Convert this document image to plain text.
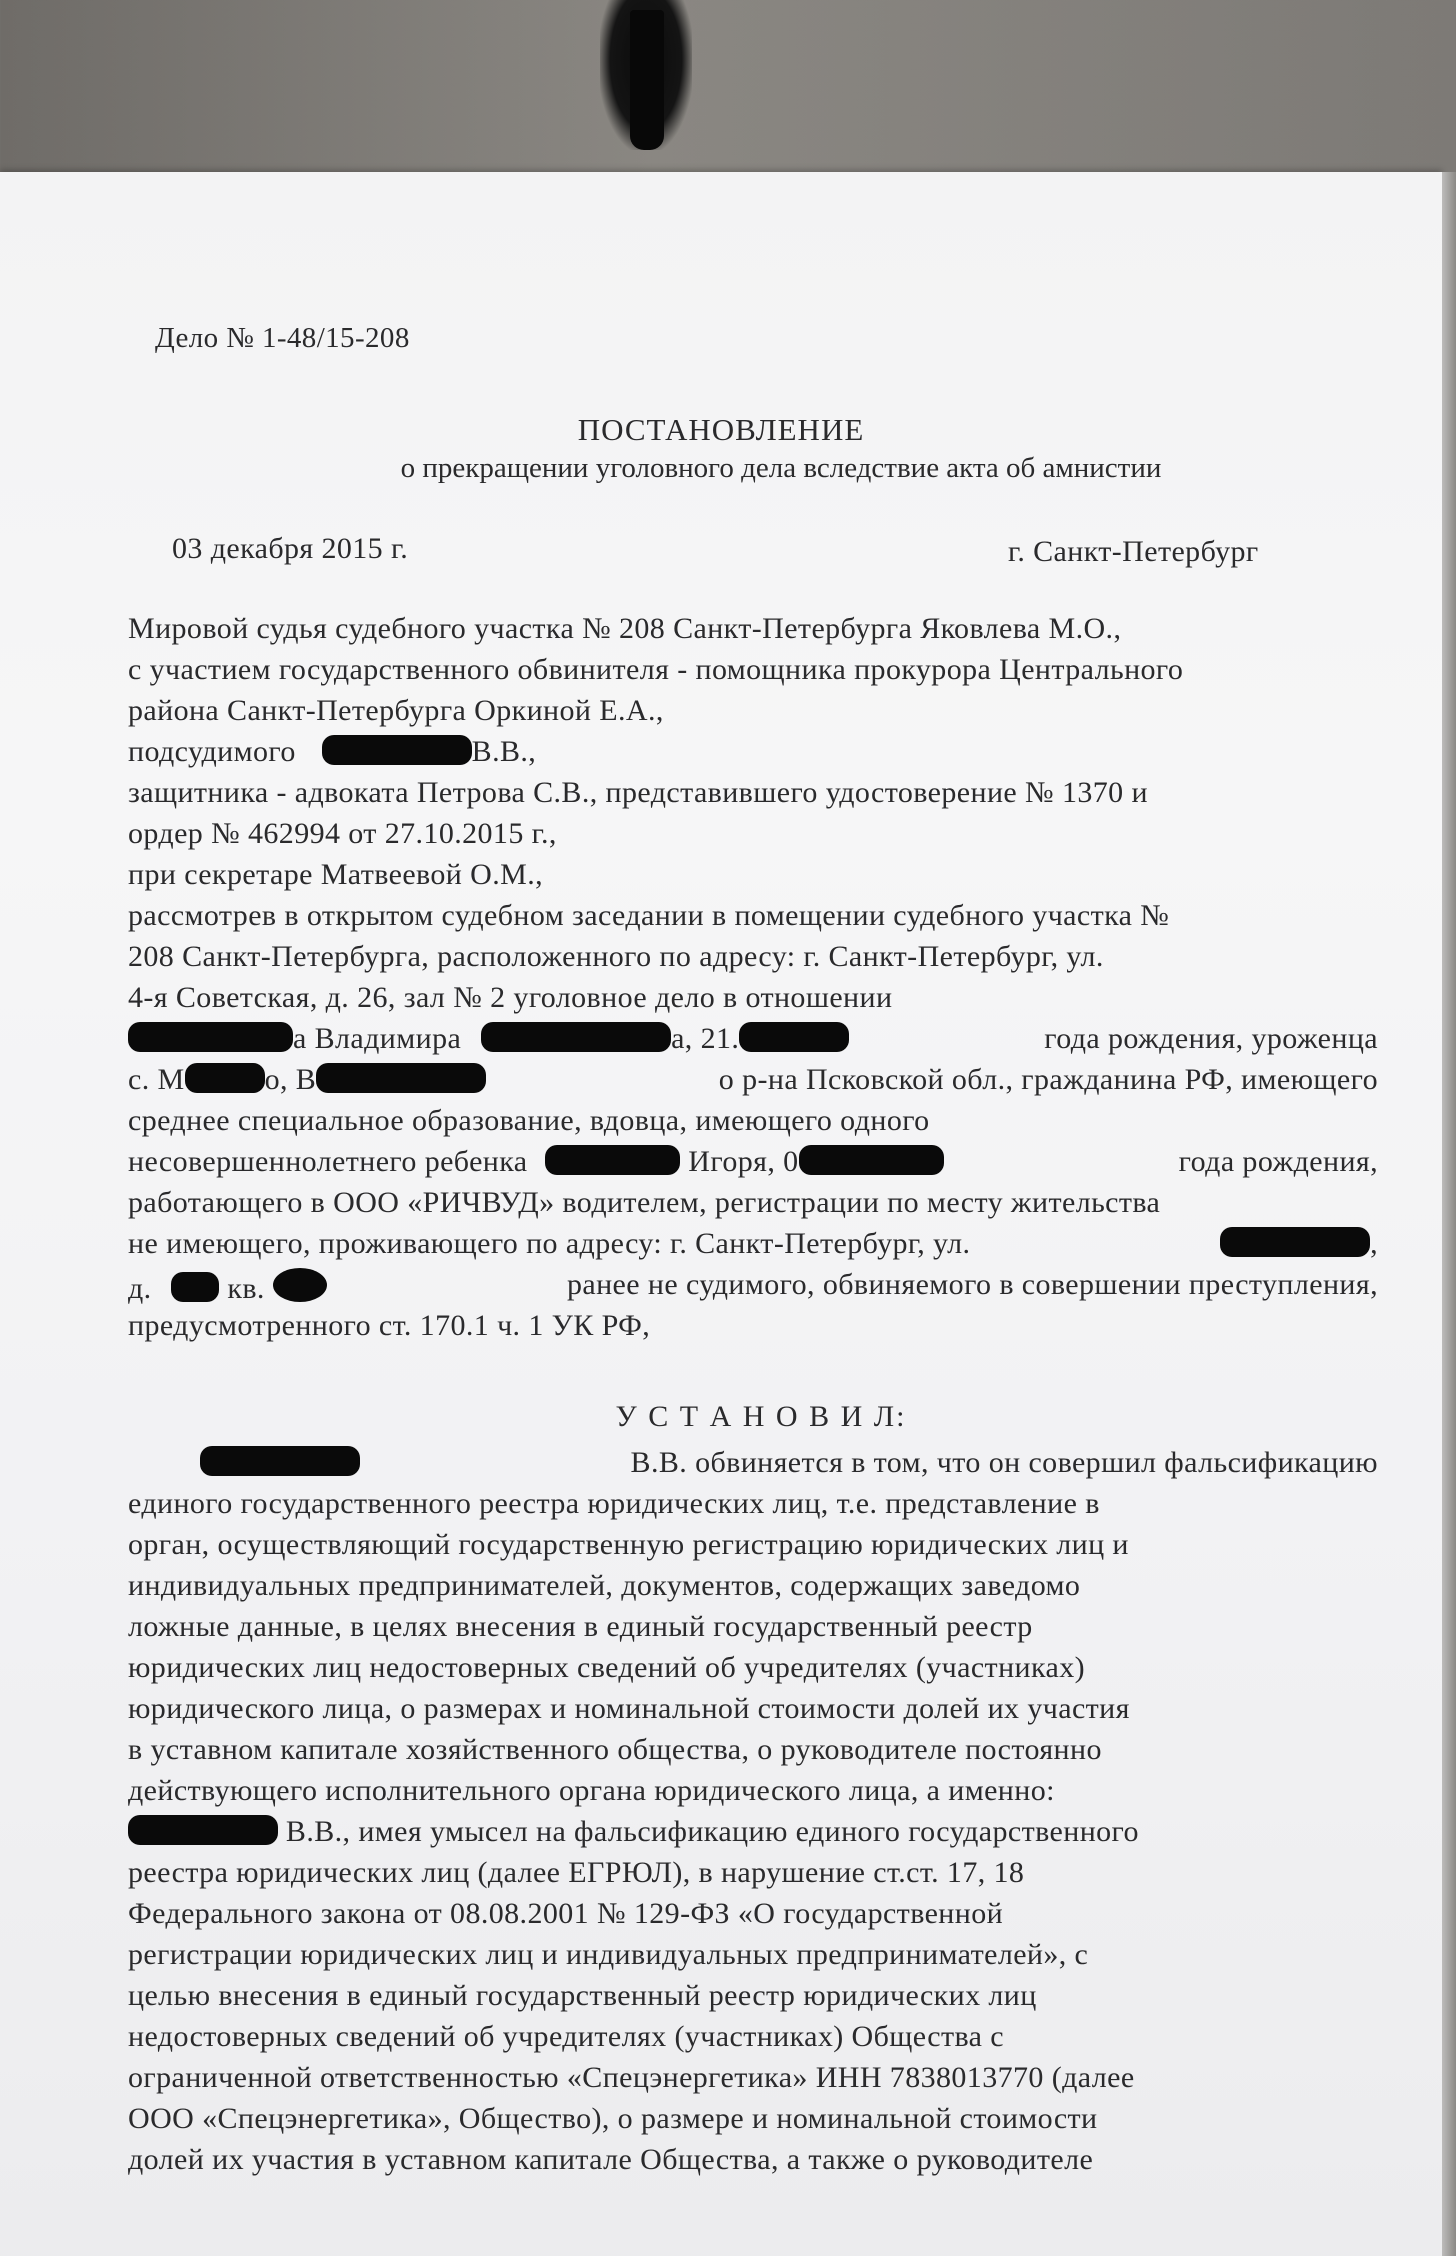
Дело № 1-48/15-208
ПОСТАНОВЛЕНИЕ
о прекращении уголовного дела вследствие акта об амнистии
03 декабря 2015 г.	г. Санкт-Петербург
Мировой судья судебного участка № 208 Санкт-Петербурга Яковлева М.О.,
с участием государственного обвинителя - помощника прокурора Центрального
района Санкт-Петербурга Оркиной Е.А.,
подсудимого	В.В.,
защитника - адвоката Петрова С.В., представившего удостоверение № 1370 и
ордер № 462994 от 27.10.2015 г.,
при секретаре Матвеевой О.М.,
рассмотрев в открытом судебном заседании в помещении судебного участка №
208 Санкт-Петербурга, расположенного по адресу: г. Санкт-Петербург, ул.
4-я Советская, д. 26, зал № 2 уголовное дело в отношении
а Владимира	а, 21.	года рождения, уроженца
с. М	о, В	о р-на Псковской обл., гражданина РФ, имеющего
среднее специальное образование, вдовца, имеющего одного
несовершеннолетнего ребенка	Игоря, 0	года рождения,
работающего в ООО «РИЧВУД» водителем, регистрации по месту жительства
не имеющего, проживающего по адресу: г. Санкт-Петербург, ул.	,
д.	кв.	ранее не судимого, обвиняемого в совершении преступления,
предусмотренного ст. 170.1 ч. 1 УК РФ,
У С Т А Н О В И Л:
В.В. обвиняется в том, что он совершил фальсификацию
единого государственного реестра юридических лиц, т.е. представление в
орган, осуществляющий государственную регистрацию юридических лиц и
индивидуальных предпринимателей, документов, содержащих заведомо
ложные данные, в целях внесения в единый государственный реестр
юридических лиц недостоверных сведений об учредителях (участниках)
юридического лица, о размерах и номинальной стоимости долей их участия
в уставном капитале хозяйственного общества, о руководителе постоянно
действующего исполнительного органа юридического лица, а именно:
В.В., имея умысел на фальсификацию единого государственного
реестра юридических лиц (далее ЕГРЮЛ), в нарушение ст.ст. 17, 18
Федерального закона от 08.08.2001 № 129-ФЗ «О государственной
регистрации юридических лиц и индивидуальных предпринимателей», с
целью внесения в единый государственный реестр юридических лиц
недостоверных сведений об учредителях (участниках) Общества с
ограниченной ответственностью «Спецэнергетика» ИНН 7838013770 (далее
ООО «Спецэнергетика», Общество), о размере и номинальной стоимости
долей их участия в уставном капитале Общества, а также о руководителе
